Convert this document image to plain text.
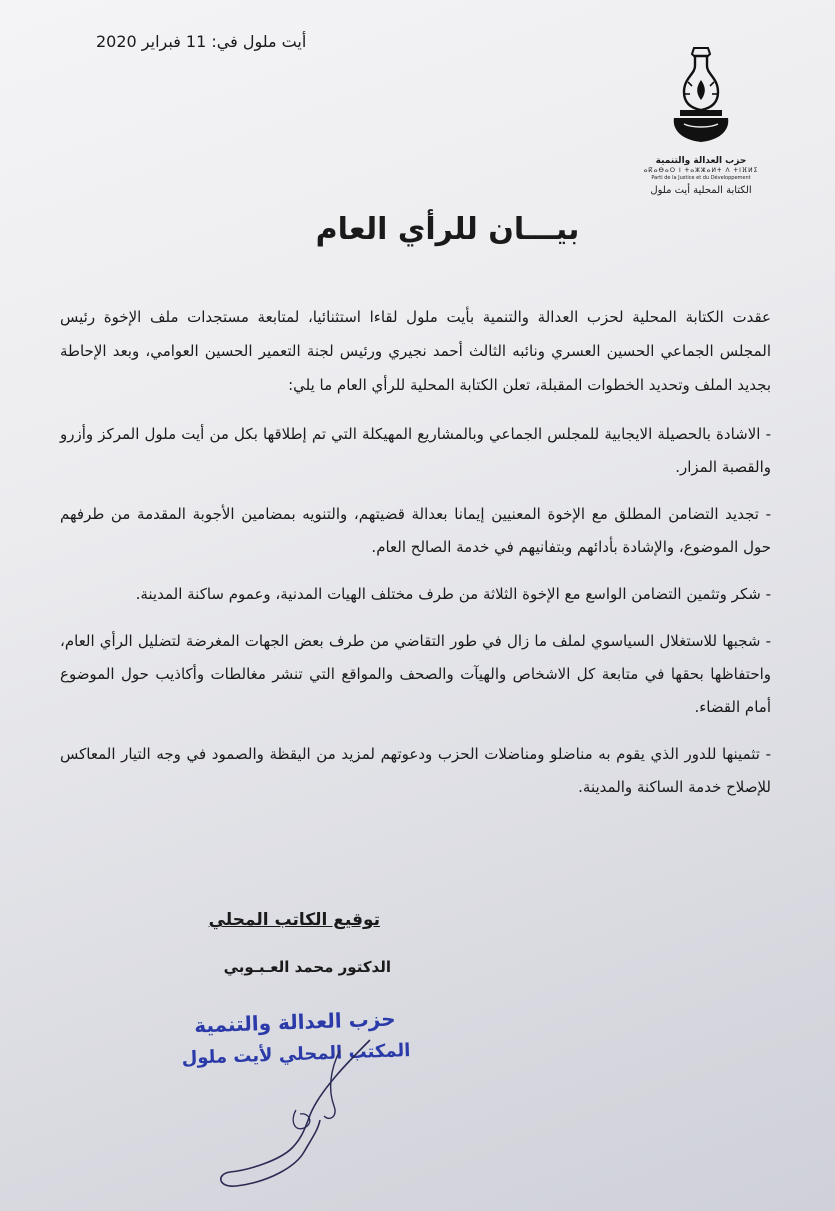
أيت ملول في: 11 فبراير 2020
حزب العدالة والتنمية
ⴰⴽⴰⴱⴰⵔ ⵏ ⵜⴰⵣⵣⴰⵍⵜ ⴷ ⵜⵏⴼⵍⵉ
Parti de la Justice et du Développement
الكتابة المحلية أيت ملول
بيـــان للرأي العام

عقدت الكتابة المحلية لحزب العدالة والتنمية بأيت ملول لقاءا استثنائيا، لمتابعة مستجدات ملف الإخوة رئيس المجلس الجماعي الحسين العسري ونائبه الثالث أحمد نجيري ورئيس لجنة التعمير الحسين العوامي، وبعد الإحاطة بجديد الملف وتحديد الخطوات المقبلة، تعلن الكتابة المحلية للرأي العام ما يلي:

- الاشادة بالحصيلة الايجابية للمجلس الجماعي وبالمشاريع المهيكلة التي تم إطلاقها بكل من أيت ملول المركز وأزرو والقصبة المزار.

- تجديد التضامن المطلق مع الإخوة المعنيين إيمانا بعدالة قضيتهم، والتنويه بمضامين الأجوبة المقدمة من طرفهم حول الموضوع، والإشادة بأدائهم وبتفانيهم في خدمة الصالح العام.

- شكر وتثمين التضامن الواسع مع الإخوة الثلاثة من طرف مختلف الهيات المدنية، وعموم ساكنة المدينة.

- شجبها للاستغلال السياسوي لملف ما زال في طور التقاضي من طرف بعض الجهات المغرضة لتضليل الرأي العام، واحتفاظها بحقها في متابعة كل الاشخاص والهيآت والصحف والمواقع التي تنشر مغالطات وأكاذيب حول الموضوع أمام القضاء.

- تثمينها للدور الذي يقوم به مناضلو ومناضلات الحزب ودعوتهم لمزيد من اليقظة والصمود في وجه التيار المعاكس للإصلاح خدمة الساكنة والمدينة.

توقيع الكاتب المحلي
الدكتور محمد العـبـوبي
حزب العدالة والتنمية
المكتب المحلي لأيت ملول
